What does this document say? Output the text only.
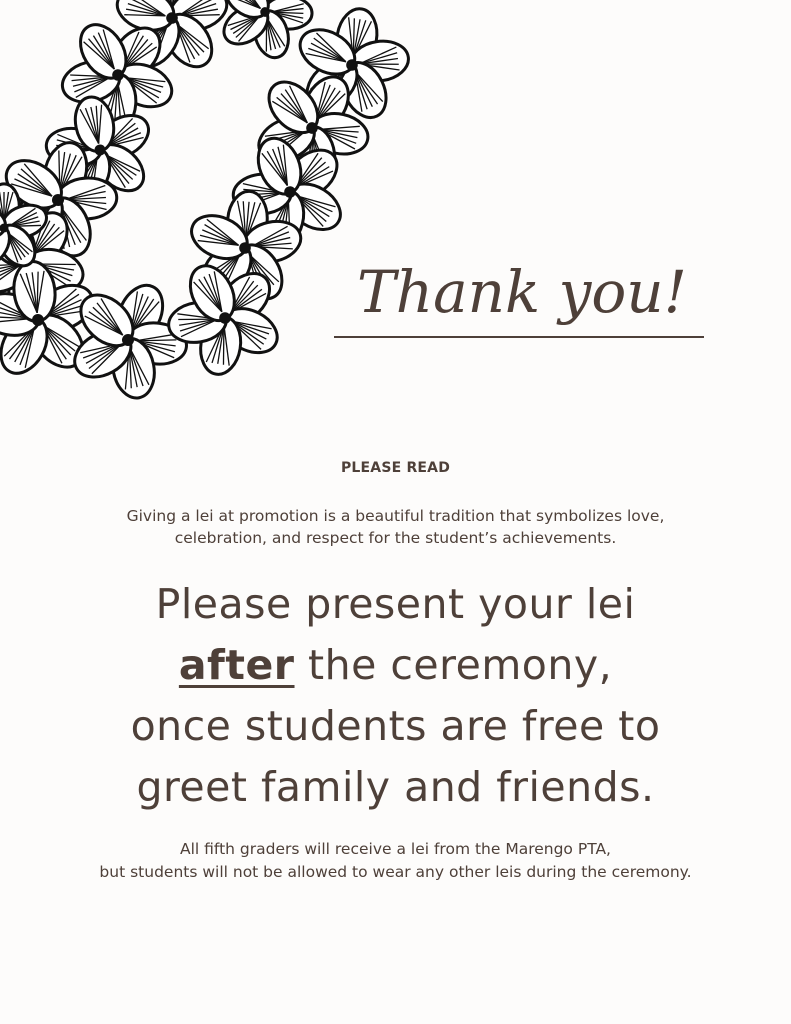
Thank you!

PLEASE READ

Giving a lei at promotion is a beautiful tradition that symbolizes love,

celebration, and respect for the student’s achievements.

Please present your lei

after the ceremony,

once students are free to

greet family and friends.

All fifth graders will receive a lei from the Marengo PTA,

but students will not be allowed to wear any other leis during the ceremony.
